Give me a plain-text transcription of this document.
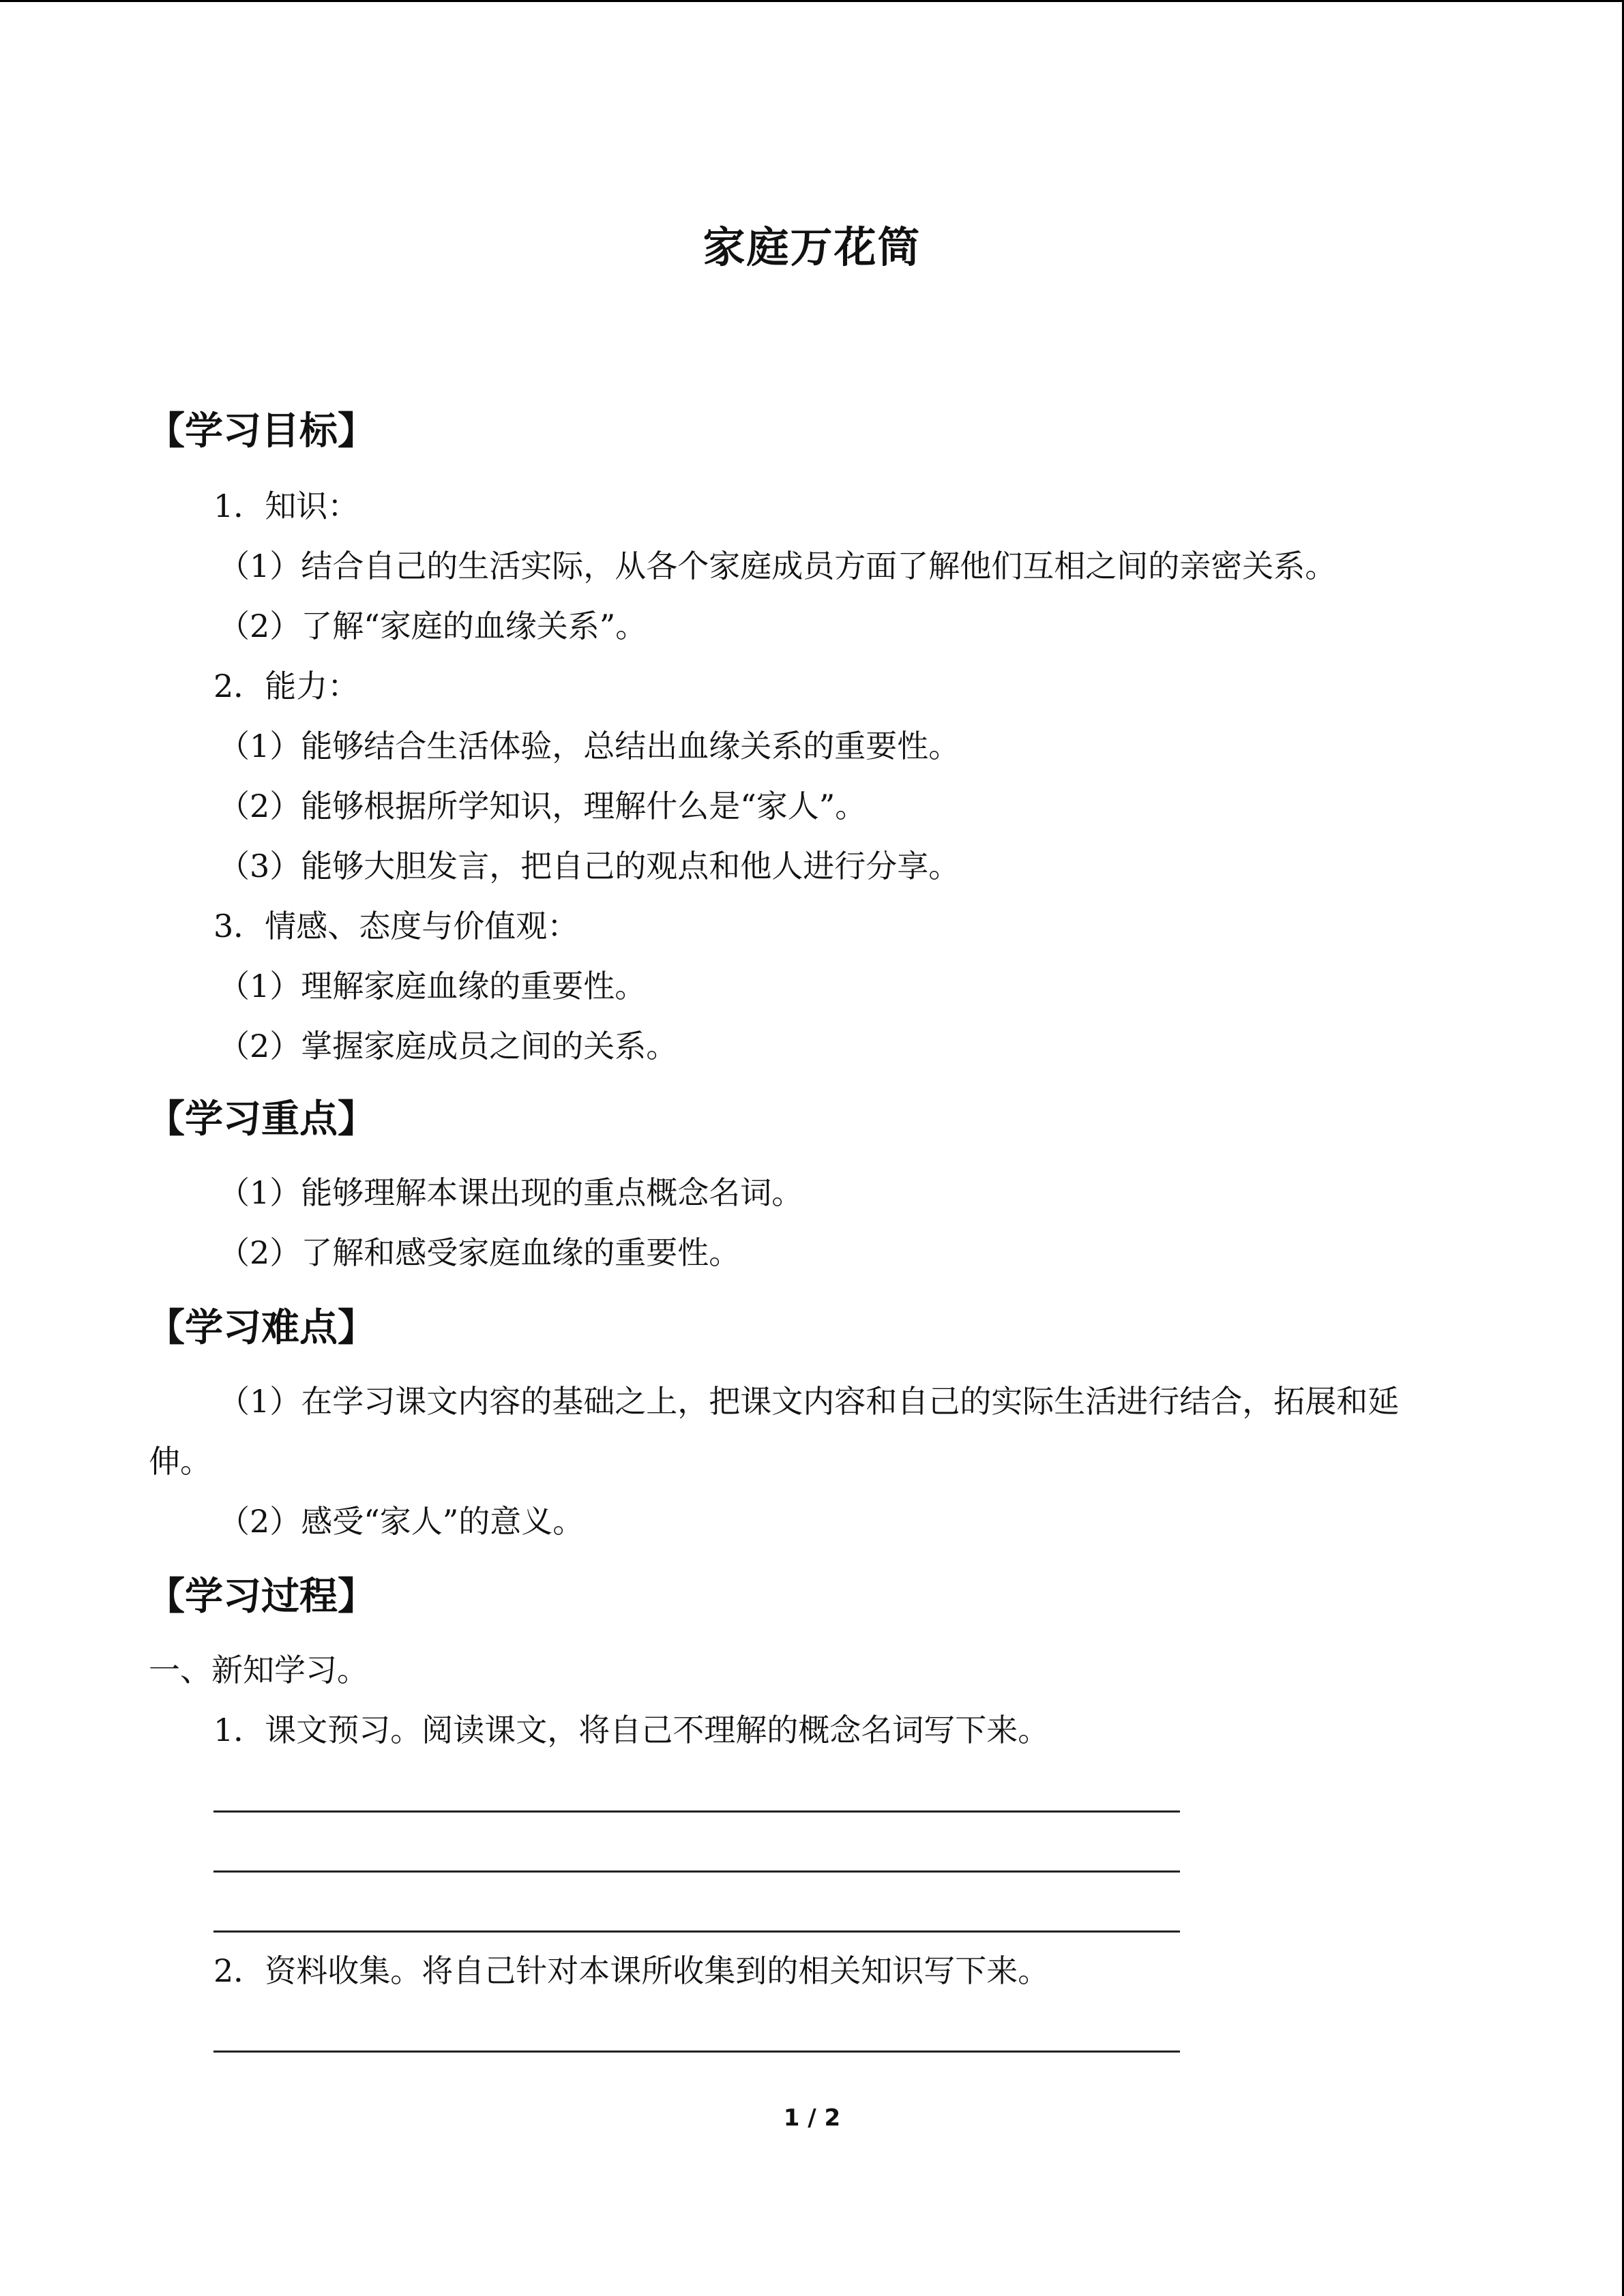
家庭万花筒
【学习目标】
1．知识：
（1）结合自己的生活实际，从各个家庭成员方面了解他们互相之间的亲密关系。
（2）了解“家庭的血缘关系”。
2．能力：
（1）能够结合生活体验，总结出血缘关系的重要性。
（2）能够根据所学知识，理解什么是“家人”。
（3）能够大胆发言，把自己的观点和他人进行分享。
3．情感、态度与价值观：
（1）理解家庭血缘的重要性。
（2）掌握家庭成员之间的关系。
【学习重点】
（1）能够理解本课出现的重点概念名词。
（2）了解和感受家庭血缘的重要性。
【学习难点】
（1）在学习课文内容的基础之上，把课文内容和自己的实际生活进行结合，拓展和延
伸。
（2）感受“家人”的意义。
【学习过程】
一、新知学习。
1．课文预习。阅读课文，将自己不理解的概念名词写下来。
2．资料收集。将自己针对本课所收集到的相关知识写下来。
1 / 2
